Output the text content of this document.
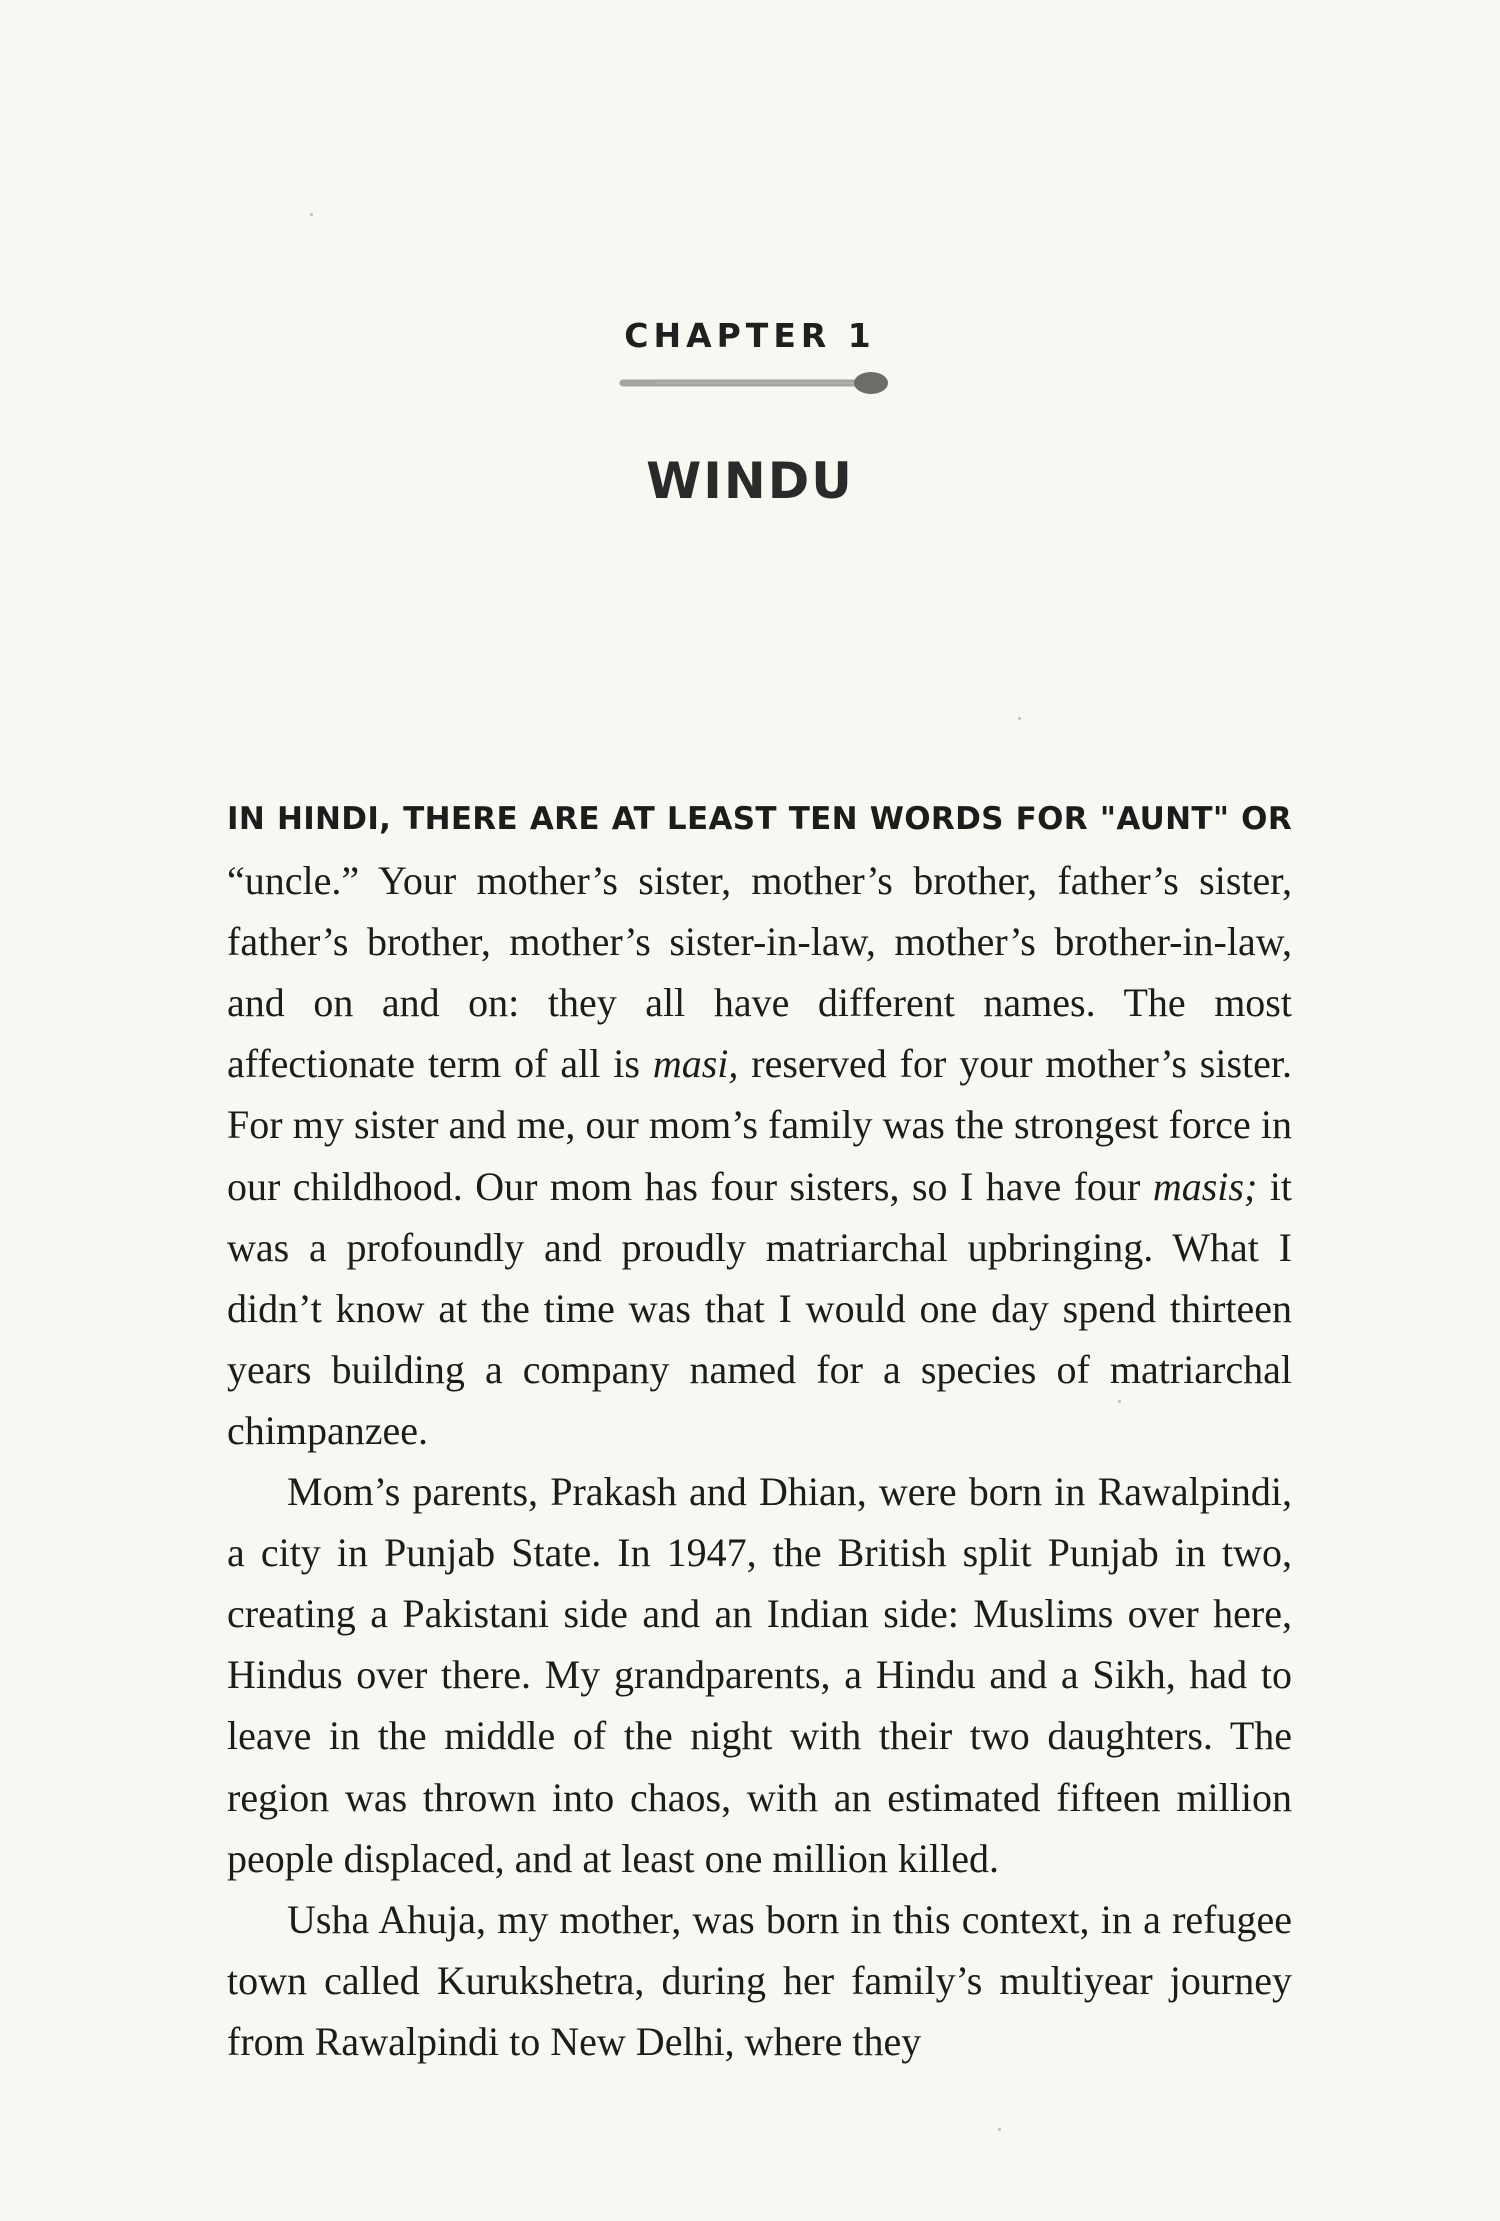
CHAPTER 1
WINDU

IN HINDI, THERE ARE AT LEAST TEN WORDS FOR "AUNT" OR “uncle.” Your mother’s sister, mother’s brother, father’s sister, father’s brother, mother’s sister-in-law, mother’s brother-in-law, and on and on: they all have different names. The most affectionate term of all is masi, reserved for your mother’s sister. For my sister and me, our mom’s family was the strongest force in our childhood. Our mom has four sisters, so I have four masis; it was a profoundly and proudly matriarchal upbringing. What I didn’t know at the time was that I would one day spend thirteen years building a company named for a species of matriarchal chimpanzee.

Mom’s parents, Prakash and Dhian, were born in Rawalpindi, a city in Punjab State. In 1947, the British split Punjab in two, creating a Pakistani side and an Indian side: Muslims over here, Hindus over there. My grandparents, a Hindu and a Sikh, had to leave in the middle of the night with their two daughters. The region was thrown into chaos, with an estimated fifteen million people displaced, and at least one million killed.

Usha Ahuja, my mother, was born in this context, in a refugee town called Kurukshetra, during her family’s multiyear journey from Rawalpindi to New Delhi, where they
